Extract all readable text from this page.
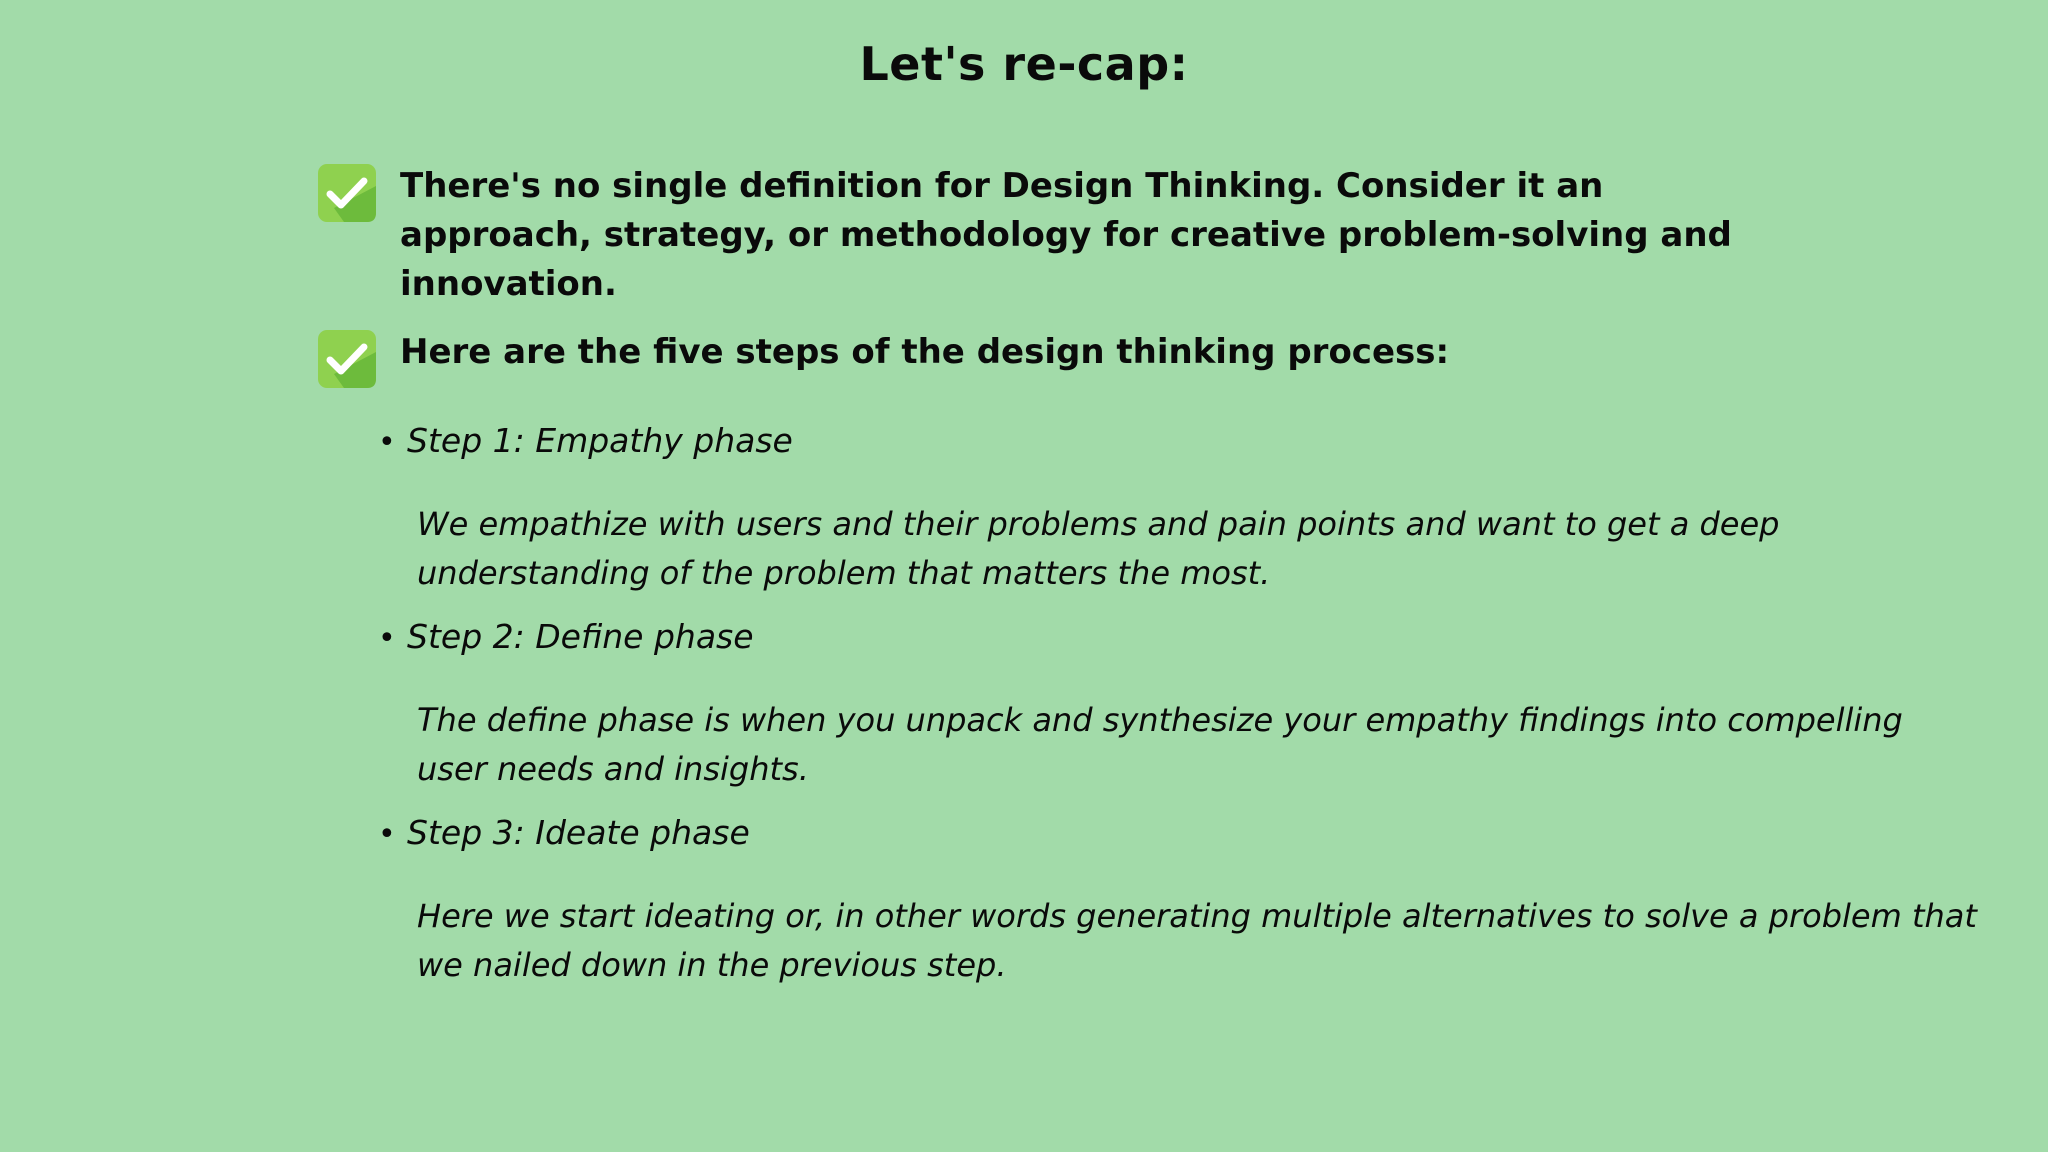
Let's re-cap:
There's no single definition for Design Thinking. Consider it an approach, strategy, or methodology for creative problem-solving and innovation.
Here are the five steps of the design thinking process:
• Step 1: Empathy phase
We empathize with users and their problems and pain points and want to get a deep understanding of the problem that matters the most.
• Step 2: Define phase
The define phase is when you unpack and synthesize your empathy findings into compelling user needs and insights.
• Step 3: Ideate phase
Here we start ideating or, in other words generating multiple alternatives to solve a problem that we nailed down in the previous step.
